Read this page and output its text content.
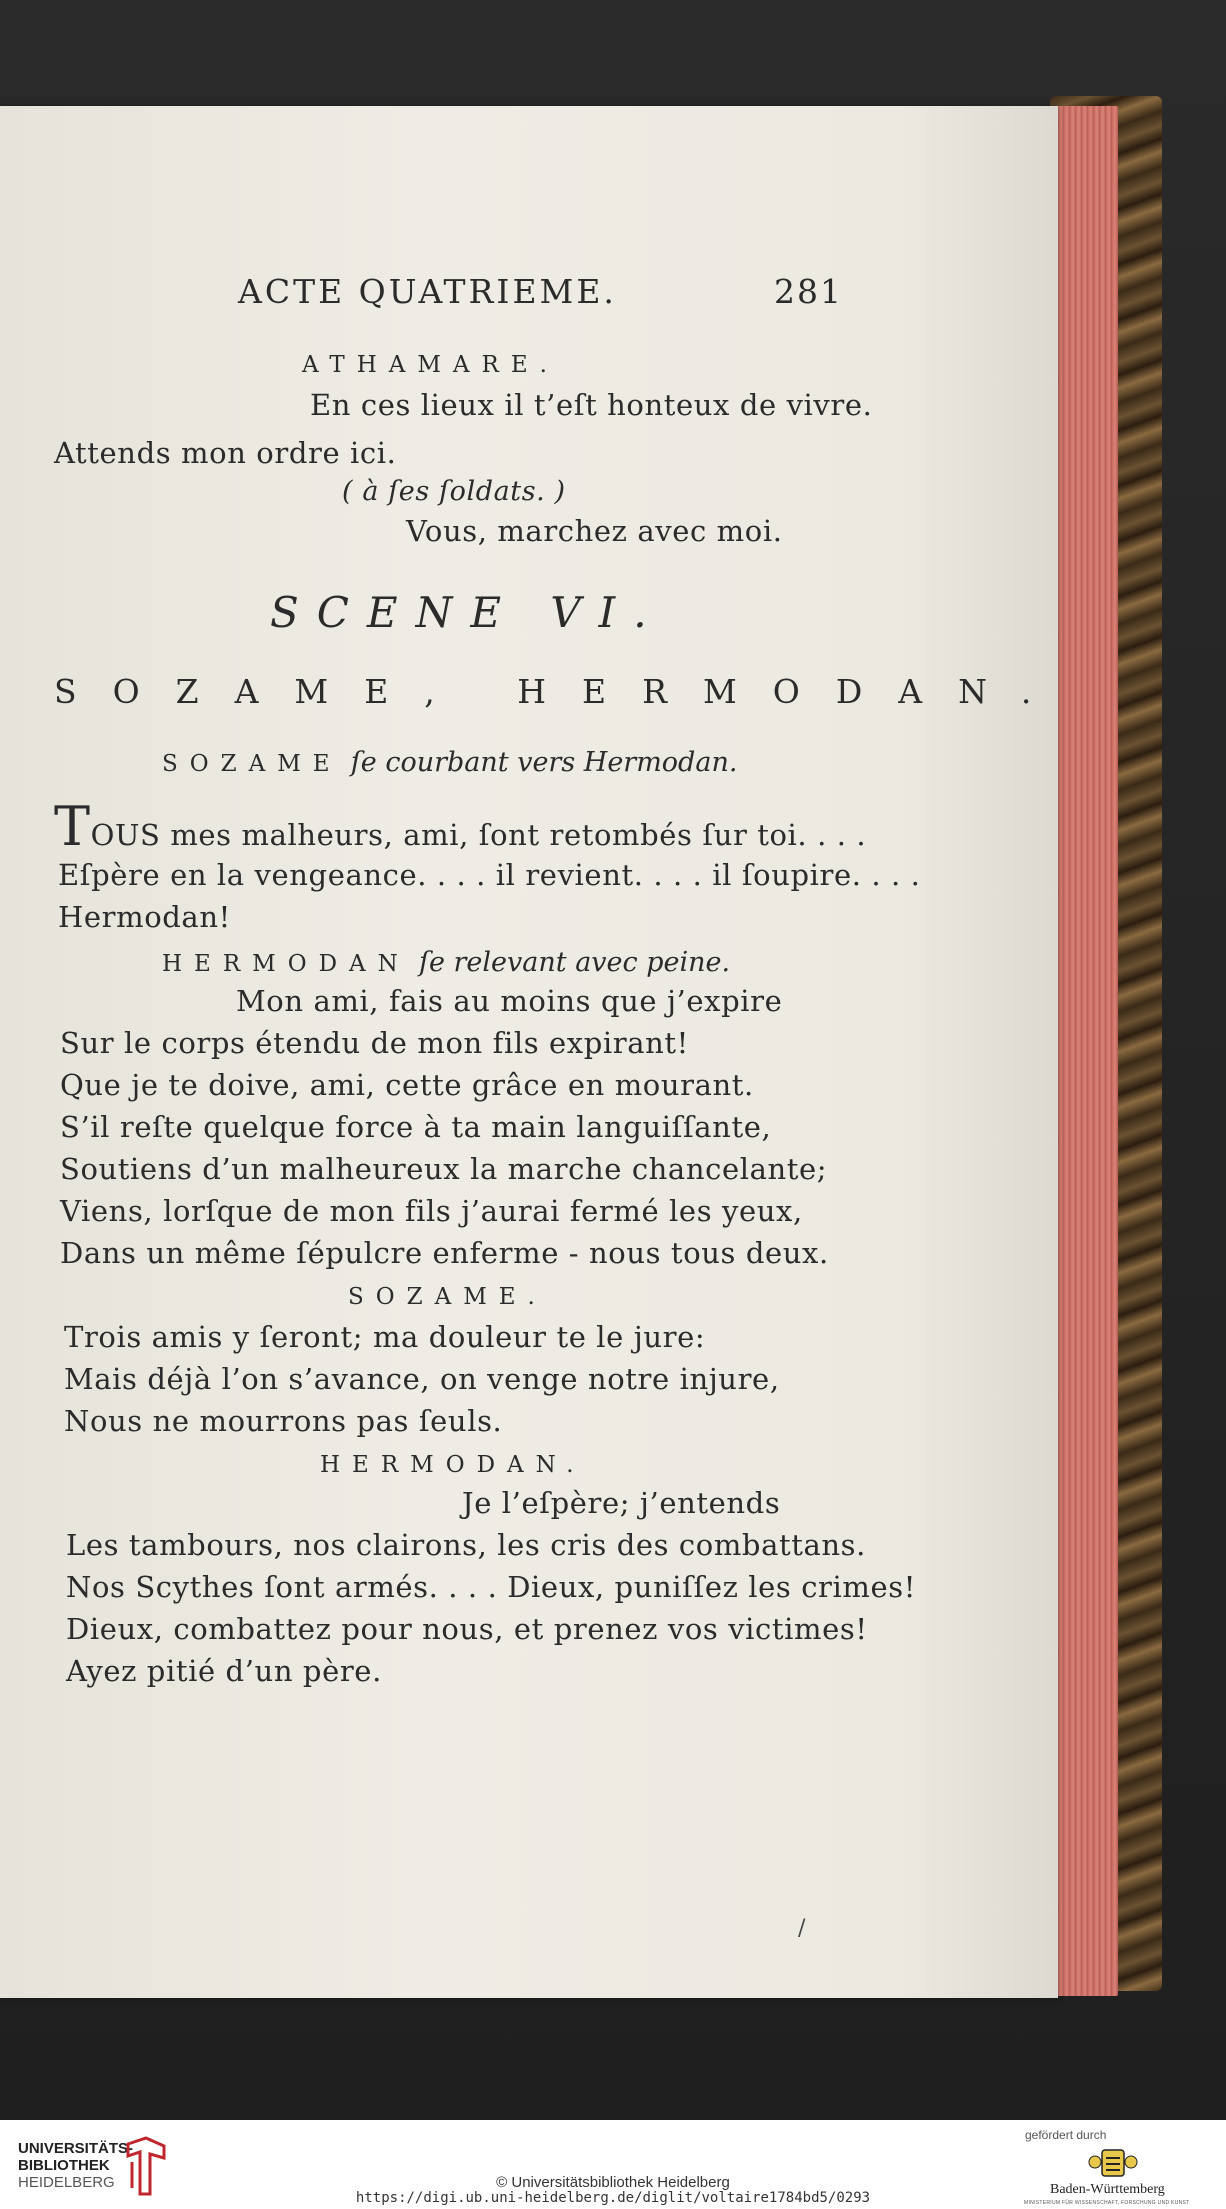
ACTE QUATRIEME.	281
ATHAMARE.
En ces lieux il t’eſt honteux de vivre.
Attends mon ordre ici.
( à ſes ſoldats. )
Vous, marchez avec moi.
SCENE VI.
SOZAME, HERMODAN.
SOZAME ſe courbant vers Hermodan.
TOUS mes malheurs, ami, ſont retombés ſur toi. . . .
Eſpère en la vengeance. . . . il revient. . . . il ſoupire. . . .
Hermodan!
HERMODAN ſe relevant avec peine.
Mon ami, fais au moins que j’expire
Sur le corps étendu de mon fils expirant!
Que je te doive, ami, cette grâce en mourant.
S’il reſte quelque force à ta main languiſſante,
Soutiens d’un malheureux la marche chancelante;
Viens, lorſque de mon fils j’aurai fermé les yeux,
Dans un même ſépulcre enferme - nous tous deux.
SOZAME.
Trois amis y ſeront; ma douleur te le jure:
Mais déjà l’on s’avance, on venge notre injure,
Nous ne mourrons pas ſeuls.
HERMODAN.
Je l’eſpère; j’entends
Les tambours, nos clairons, les cris des combattans.
Nos Scythes ſont armés. . . . Dieux, puniſſez les crimes!
Dieux, combattez pour nous, et prenez vos victimes!
Ayez pitié d’un père.
/
UNIVERSITÄTS-
BIBLIOTHEK
HEIDELBERG	© Universitätsbibliothek Heidelberg
https://digi.ub.uni-heidelberg.de/diglit/voltaire1784bd5/0293
gefördert durch
Baden-Württemberg
MINISTERIUM FÜR WISSENSCHAFT, FORSCHUNG UND KUNST
